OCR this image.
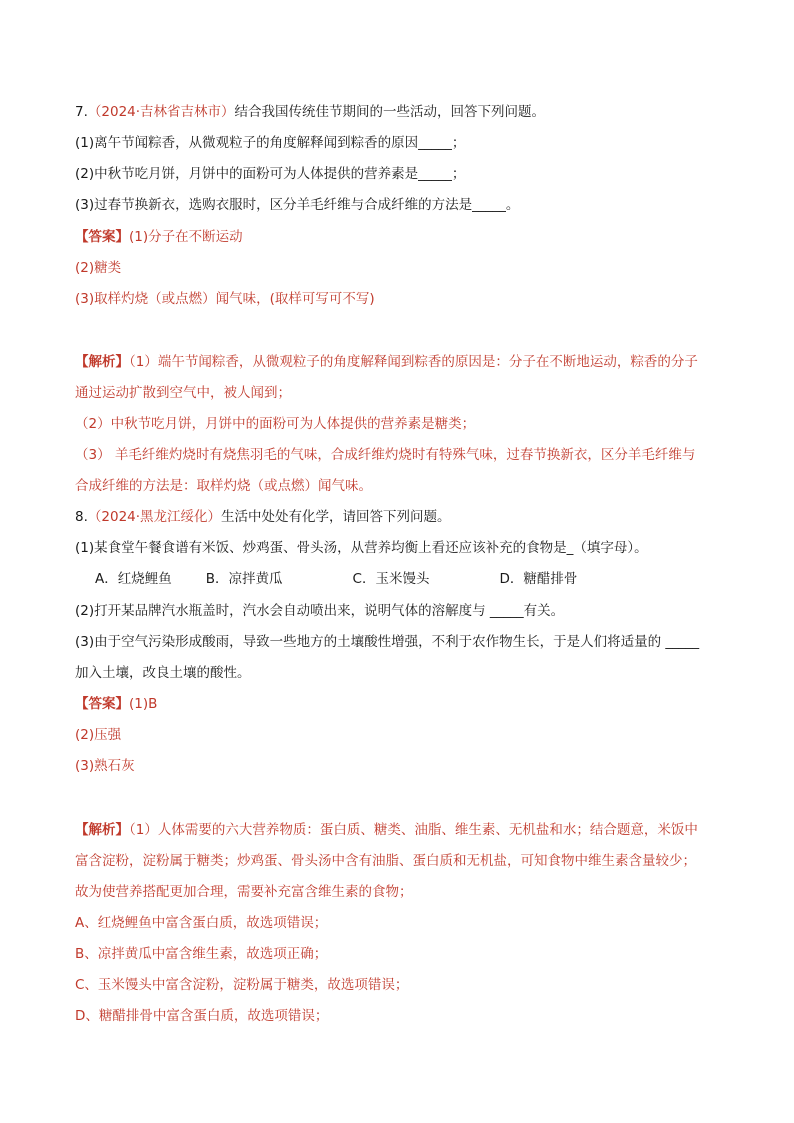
7.（2024·吉林省吉林市）结合我国传统佳节期间的一些活动，回答下列问题。
(1)离午节闻粽香，从微观粒子的角度解释闻到粽香的原因_____；
(2)中秋节吃月饼，月饼中的面粉可为人体提供的营养素是_____；
(3)过春节换新衣，选购衣服时，区分羊毛纤维与合成纤维的方法是_____。
【答案】(1)分子在不断运动
(2)糖类
(3)取样灼烧（或点燃）闻气味，(取样可写可不写)
【解析】（1）端午节闻粽香，从微观粒子的角度解释闻到粽香的原因是：分子在不断地运动，粽香的分子
通过运动扩散到空气中，被人闻到；
（2）中秋节吃月饼，月饼中的面粉可为人体提供的营养素是糖类；
（3） 羊毛纤维灼烧时有烧焦羽毛的气味，合成纤维灼烧时有特殊气味，过春节换新衣，区分羊毛纤维与
合成纤维的方法是：取样灼烧（或点燃）闻气味。
8.（2024·黑龙江绥化）生活中处处有化学，请回答下列问题。
(1)某食堂午餐食谱有米饭、炒鸡蛋、骨头汤，从营养均衡上看还应该补充的食物是_（填字母）。
A．红烧鲤鱼	B．凉拌黄瓜	C．玉米馒头	D．糖醋排骨
(2)打开某品牌汽水瓶盖时，汽水会自动喷出来，说明气体的溶解度与 _____有关。
(3)由于空气污染形成酸雨，导致一些地方的土壤酸性增强，不利于农作物生长，于是人们将适量的 _____
加入土壤，改良土壤的酸性。
【答案】(1)B
(2)压强
(3)熟石灰
【解析】（1）人体需要的六大营养物质：蛋白质、糖类、油脂、维生素、无机盐和水；结合题意，米饭中
富含淀粉，淀粉属于糖类；炒鸡蛋、骨头汤中含有油脂、蛋白质和无机盐，可知食物中维生素含量较少；
故为使营养搭配更加合理，需要补充富含维生素的食物；
A、红烧鲤鱼中富含蛋白质，故选项错误；
B、凉拌黄瓜中富含维生素，故选项正确；
C、玉米馒头中富含淀粉，淀粉属于糖类，故选项错误；
D、糖醋排骨中富含蛋白质，故选项错误；
